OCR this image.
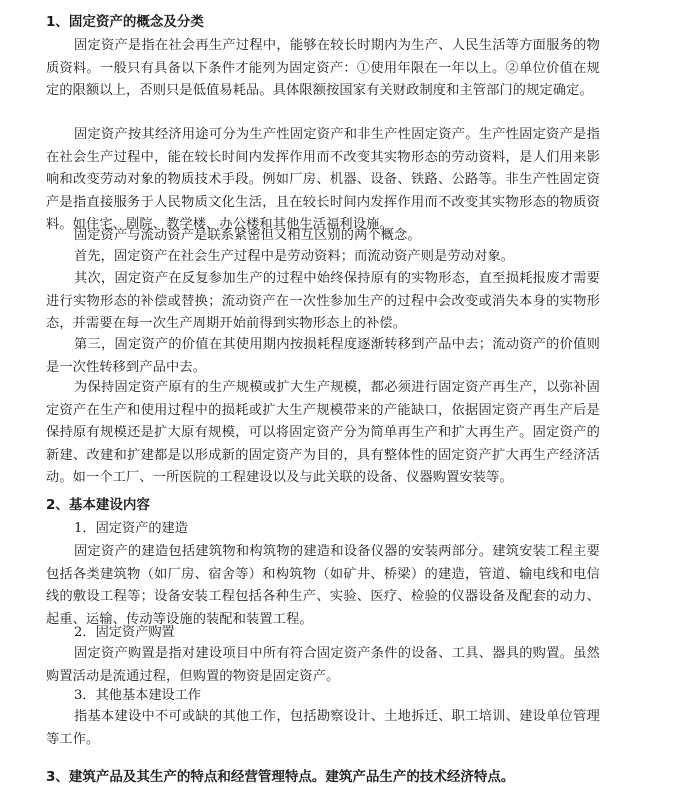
1、固定资产的概念及分类
固定资产是指在社会再生产过程中，能够在较长时期内为生产、人民生活等方面服务的物质资料。一般只有具备以下条件才能列为固定资产：①使用年限在一年以上。②单位价值在规定的限额以上，否则只是低值易耗品。具体限额按国家有关财政制度和主管部门的规定确定。
固定资产按其经济用途可分为生产性固定资产和非生产性固定资产。生产性固定资产是指在社会生产过程中，能在较长时间内发挥作用而不改变其实物形态的劳动资料，是人们用来影响和改变劳动对象的物质技术手段。例如厂房、机器、设备、铁路、公路等。非生产性固定资产是指直接服务于人民物质文化生活，且在较长时间内发挥作用而不改变其实物形态的物质资料。如住宅、剧院、教学楼、办公楼和其他生活福利设施。
固定资产与流动资产是联系紧密但又相互区别的两个概念。
首先，固定资产在社会生产过程中是劳动资料；而流动资产则是劳动对象。
其次，固定资产在反复参加生产的过程中始终保持原有的实物形态，直至损耗报废才需要进行实物形态的补偿或替换；流动资产在一次性参加生产的过程中会改变或消失本身的实物形态，并需要在每一次生产周期开始前得到实物形态上的补偿。
第三，固定资产的价值在其使用期内按损耗程度逐渐转移到产品中去；流动资产的价值则是一次性转移到产品中去。
为保持固定资产原有的生产规模或扩大生产规模，都必须进行固定资产再生产，以弥补固定资产在生产和使用过程中的损耗或扩大生产规模带来的产能缺口，依据固定资产再生产后是保持原有规模还是扩大原有规模，可以将固定资产分为简单再生产和扩大再生产。固定资产的新建、改建和扩建都是以形成新的固定资产为目的，具有整体性的固定资产扩大再生产经济活动。如一个工厂、一所医院的工程建设以及与此关联的设备、仪器购置安装等。
2、基本建设内容
1．固定资产的建造
固定资产的建造包括建筑物和构筑物的建造和设备仪器的安装两部分。建筑安装工程主要包括各类建筑物（如厂房、宿舍等）和构筑物（如矿井、桥梁）的建造，管道、输电线和电信线的敷设工程等；设备安装工程包括各种生产、实验、医疗、检验的仪器设备及配套的动力、起重、运输、传动等设施的装配和装置工程。
2．固定资产购置
固定资产购置是指对建设项目中所有符合固定资产条件的设备、工具、器具的购置。虽然购置活动是流通过程，但购置的物资是固定资产。
3．其他基本建设工作
指基本建设中不可或缺的其他工作，包括勘察设计、土地拆迁、职工培训、建设单位管理等工作。
3、建筑产品及其生产的特点和经营管理特点。建筑产品生产的技术经济特点。
